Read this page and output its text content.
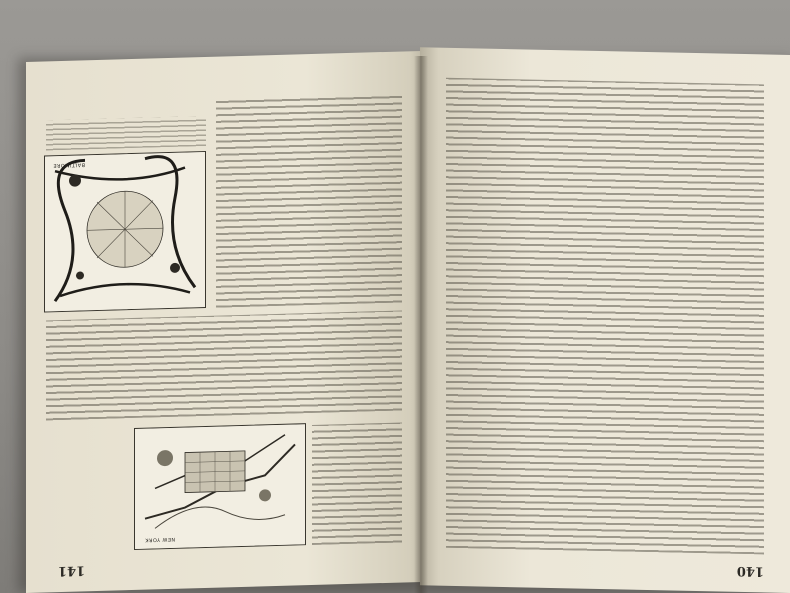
141
NEW YORK
BALTIMORE
140
